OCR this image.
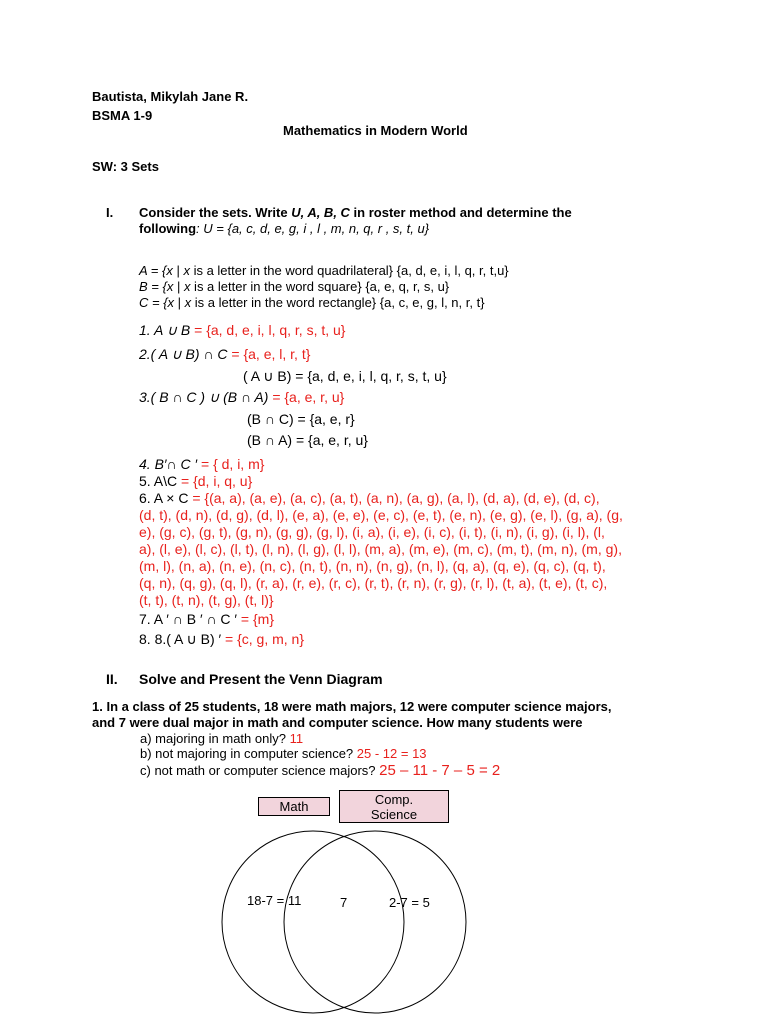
Bautista, Mikylah Jane R.
BSMA 1-9
Mathematics in Modern World
SW: 3 Sets
I. Consider the sets. Write U, A, B, C in roster method and determine the
following: U = {a, c, d, e, g, i , l , m, n, q, r , s, t, u}
A = {x | x is a letter in the word quadrilateral} {a, d, e, i, l, q, r, t,u}
B = {x | x is a letter in the word square} {a, e, q, r, s, u}
C = {x | x is a letter in the word rectangle} {a, c, e, g, l, n, r, t}
1. A ∪ B = {a, d, e, i, l, q, r, s, t, u}
2.( A ∪ B) ∩ C = {a, e, l, r, t}
( A ∪ B) = {a, d, e, i, l, q, r, s, t, u}
3.( B ∩ C ) ∪ (B ∩ A) = {a, e, r, u}
(B ∩ C) = {a, e, r}
(B ∩ A) = {a, e, r, u}
4. B′∩ C ′ = { d, i, m}
5. A\C = {d, i, q, u}
6. A × C = {(a, a), (a, e), (a, c), (a, t), (a, n), (a, g), (a, l), (d, a), (d, e), (d, c),
(d, t), (d, n), (d, g), (d, l), (e, a), (e, e), (e, c), (e, t), (e, n), (e, g), (e, l), (g, a), (g,
e), (g, c), (g, t), (g, n), (g, g), (g, l), (i, a), (i, e), (i, c), (i, t), (i, n), (i, g), (i, l), (l,
a), (l, e), (l, c), (l, t), (l, n), (l, g), (l, l), (m, a), (m, e), (m, c), (m, t), (m, n), (m, g),
(m, l), (n, a), (n, e), (n, c), (n, t), (n, n), (n, g), (n, l), (q, a), (q, e), (q, c), (q, t),
(q, n), (q, g), (q, l), (r, a), (r, e), (r, c), (r, t), (r, n), (r, g), (r, l), (t, a), (t, e), (t, c),
(t, t), (t, n), (t, g), (t, l)}
7. A ′ ∩ B ′ ∩ C ′ = {m}
8. 8.( A ∪ B) ′ = {c, g, m, n}
II. Solve and Present the Venn Diagram
1. In a class of 25 students, 18 were math majors, 12 were computer science majors,
and 7 were dual major in math and computer science. How many students were
a) majoring in math only? 11
b) not majoring in computer science? 25 - 12 = 13
c) not math or computer science majors? 25 – 11 - 7 – 5 = 2
Math	Comp.
Science
18-7 = 11	7	2-7 = 5
